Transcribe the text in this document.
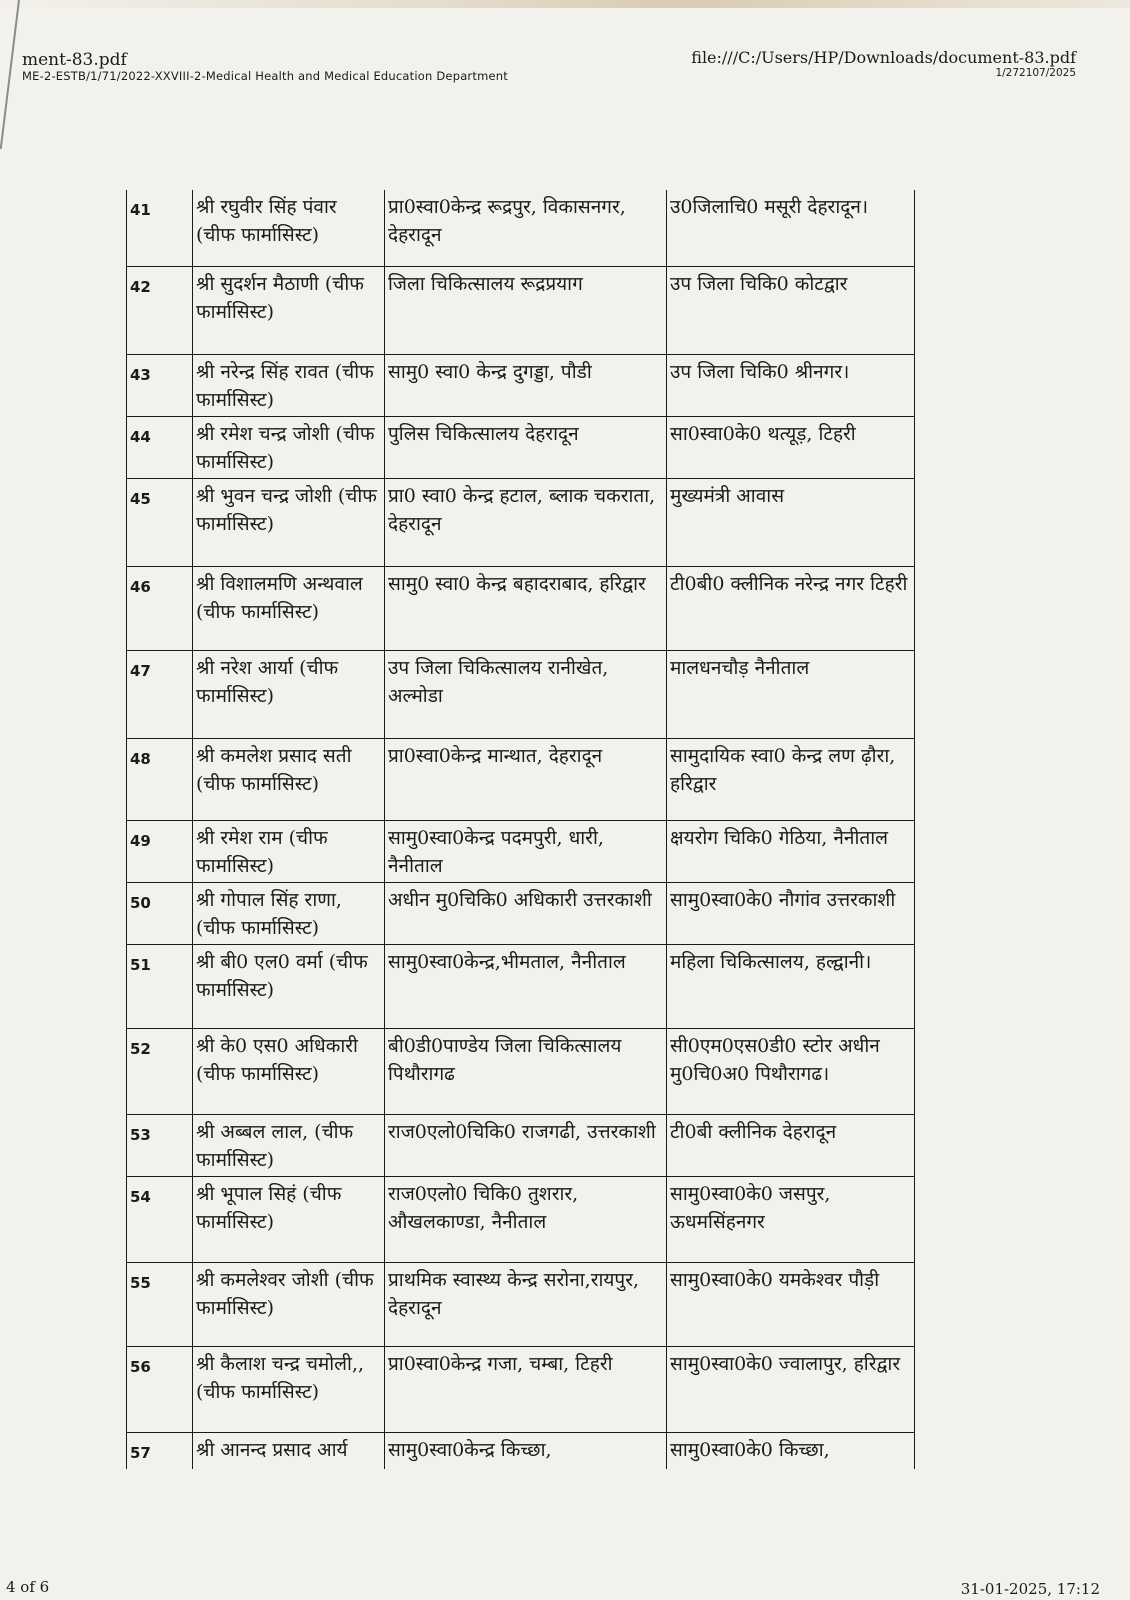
ment-83.pdf
ME-2-ESTB/1/71/2022-XXVIII-2-Medical Health and Medical Education Department
file:///C:/Users/HP/Downloads/document-83.pdf
1/272107/2025
41	श्री रघुवीर सिंह पंवार (चीफ फार्मासिस्ट)	प्रा0स्वा0केन्द्र रूद्रपुर, विकासनगर, देहरादून	उ0जिलाचि0 मसूरी देहरादून।
42	श्री सुदर्शन मैठाणी (चीफ फार्मासिस्ट)	जिला चिकित्सालय रूद्रप्रयाग	उप जिला चिकि0 कोटद्वार
43	श्री नरेन्द्र सिंह रावत (चीफ फार्मासिस्ट)	सामु0 स्वा0 केन्द्र दुगड्डा, पौडी	उप जिला चिकि0 श्रीनगर।
44	श्री रमेश चन्द्र जोशी (चीफ फार्मासिस्ट)	पुलिस चिकित्सालय देहरादून	सा0स्वा0के0 थत्यूड़, टिहरी
45	श्री भुवन चन्द्र जोशी (चीफ फार्मासिस्ट)	प्रा0 स्वा0 केन्द्र हटाल, ब्लाक चकराता, देहरादून	मुख्यमंत्री आवास
46	श्री विशालमणि अन्थवाल (चीफ फार्मासिस्ट)	सामु0 स्वा0 केन्द्र बहादराबाद, हरिद्वार	टी0बी0 क्लीनिक नरेन्द्र नगर टिहरी
47	श्री नरेश आर्या (चीफ फार्मासिस्ट)	उप जिला चिकित्सालय रानीखेत, अल्मोडा	मालधनचौड़ नैनीताल
48	श्री कमलेश प्रसाद सती (चीफ फार्मासिस्ट)	प्रा0स्वा0केन्द्र मान्थात, देहरादून	सामुदायिक स्वा0 केन्द्र लण ढ़ौरा, हरिद्वार
49	श्री रमेश राम (चीफ फार्मासिस्ट)	सामु0स्वा0केन्द्र पदमपुरी, धारी, नैनीताल	क्षयरोग चिकि0 गेठिया, नैनीताल
50	श्री गोपाल सिंह राणा, (चीफ फार्मासिस्ट)	अधीन मु0चिकि0 अधिकारी उत्तरकाशी	सामु0स्वा0के0 नौगांव उत्तरकाशी
51	श्री बी0 एल0 वर्मा (चीफ फार्मासिस्ट)	सामु0स्वा0केन्द्र,भीमताल, नैनीताल	महिला चिकित्सालय, हल्द्वानी।
52	श्री के0 एस0 अधिकारी (चीफ फार्मासिस्ट)	बी0डी0पाण्डेय जिला चिकित्सालय पिथौरागढ	सी0एम0एस0डी0 स्टोर अधीन मु0चि0अ0 पिथौरागढ।
53	श्री अब्बल लाल, (चीफ फार्मासिस्ट)	राज0एलो0चिकि0 राजगढी, उत्तरकाशी	टी0बी क्लीनिक देहरादून
54	श्री भूपाल सिहं (चीफ फार्मासिस्ट)	राज0एलो0 चिकि0 तुशरार, औखलकाण्डा, नैनीताल	सामु0स्वा0के0 जसपुर, ऊधमसिंहनगर
55	श्री कमलेश्वर जोशी (चीफ फार्मासिस्ट)	प्राथमिक स्वास्थ्य केन्द्र सरोना,रायपुर, देहरादून	सामु0स्वा0के0 यमकेश्वर पौड़ी
56	श्री कैलाश चन्द्र चमोली,, (चीफ फार्मासिस्ट)	प्रा0स्वा0केन्द्र गजा, चम्बा, टिहरी	सामु0स्वा0के0 ज्वालापुर, हरिद्वार
57	श्री आनन्द प्रसाद आर्य	सामु0स्वा0केन्द्र किच्छा,	सामु0स्वा0के0 किच्छा,
4 of 6	31-01-2025, 17:12
